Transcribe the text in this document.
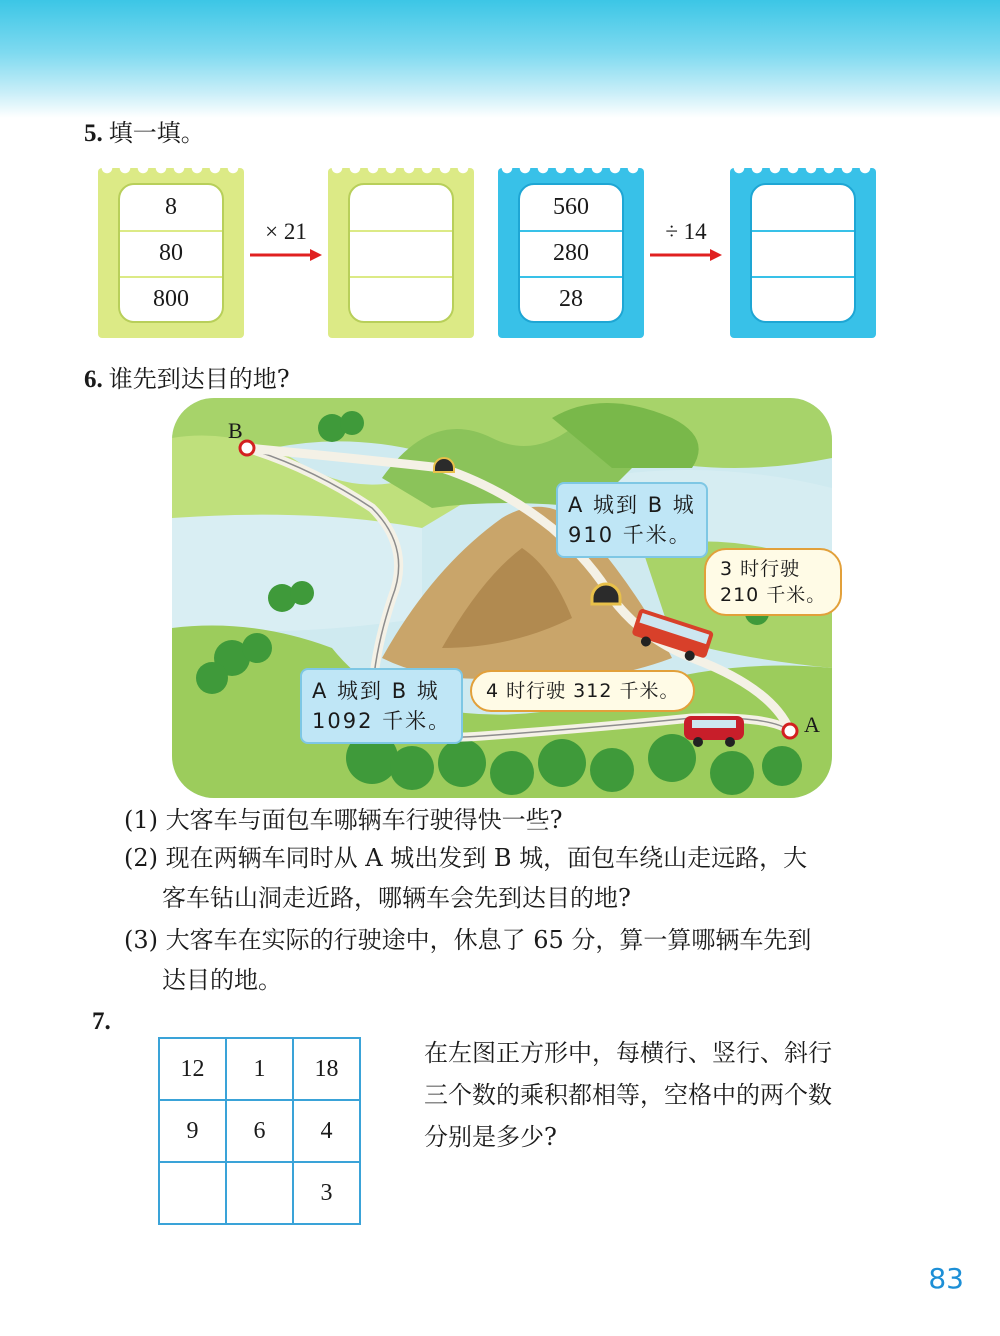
5. 填一填。
8
80
800
× 21
560
280
28
÷ 14
6. 谁先到达目的地?
B
A
A 城到 B 城
910 千米。
3 时行驶
210 千米。
A 城到 B 城
1092 千米。
4 时行驶 312 千米。
(1) 大客车与面包车哪辆车行驶得快一些?
(2) 现在两辆车同时从 A 城出发到 B 城，面包车绕山走远路，大
客车钻山洞走近路，哪辆车会先到达目的地?
(3) 大客车在实际的行驶途中，休息了 65 分，算一算哪辆车先到
达目的地。
7.
12	1	18
9	6	4
		3
在左图正方形中，每横行、竖行、斜行
三个数的乘积都相等，空格中的两个数
分别是多少?
83
